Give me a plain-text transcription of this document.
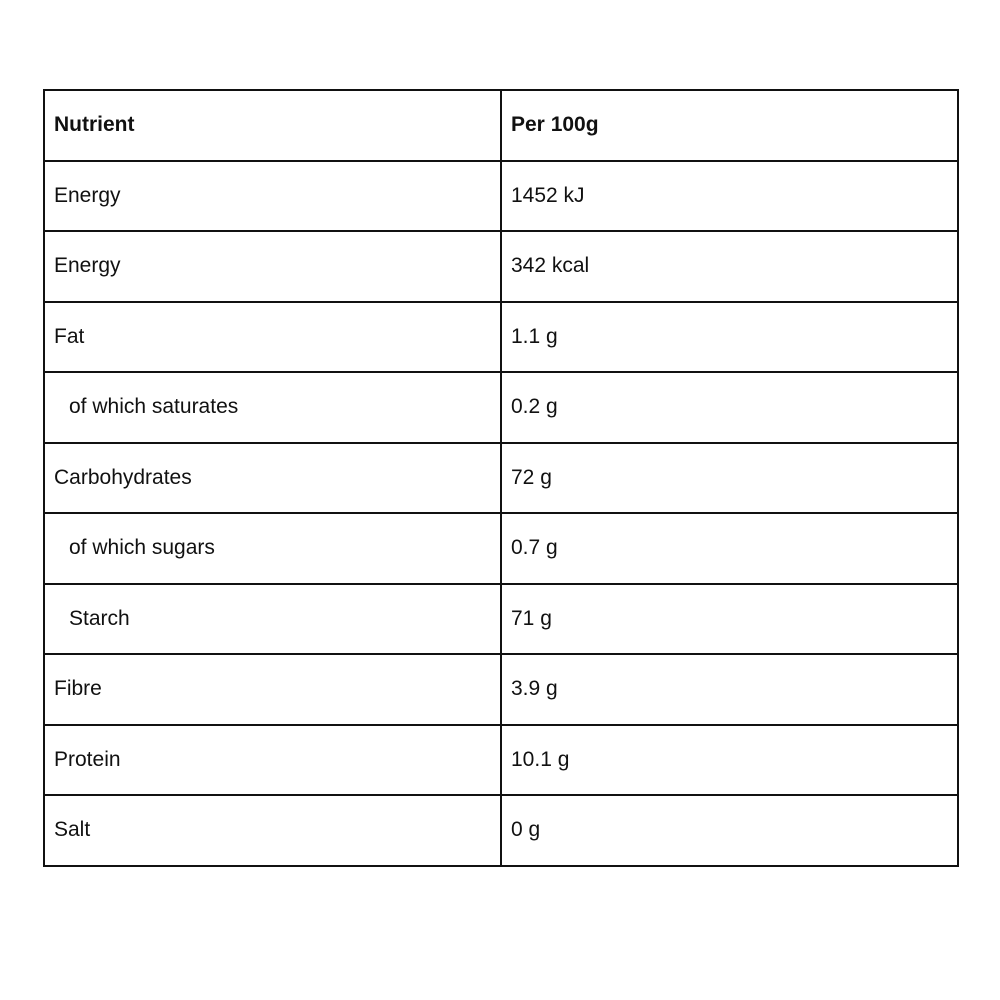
Nutrient	Per 100g
Energy	1452 kJ
Energy	342 kcal
Fat	1.1 g
of which saturates	0.2 g
Carbohydrates	72 g
of which sugars	0.7 g
Starch	71 g
Fibre	3.9 g
Protein	10.1 g
Salt	0 g
